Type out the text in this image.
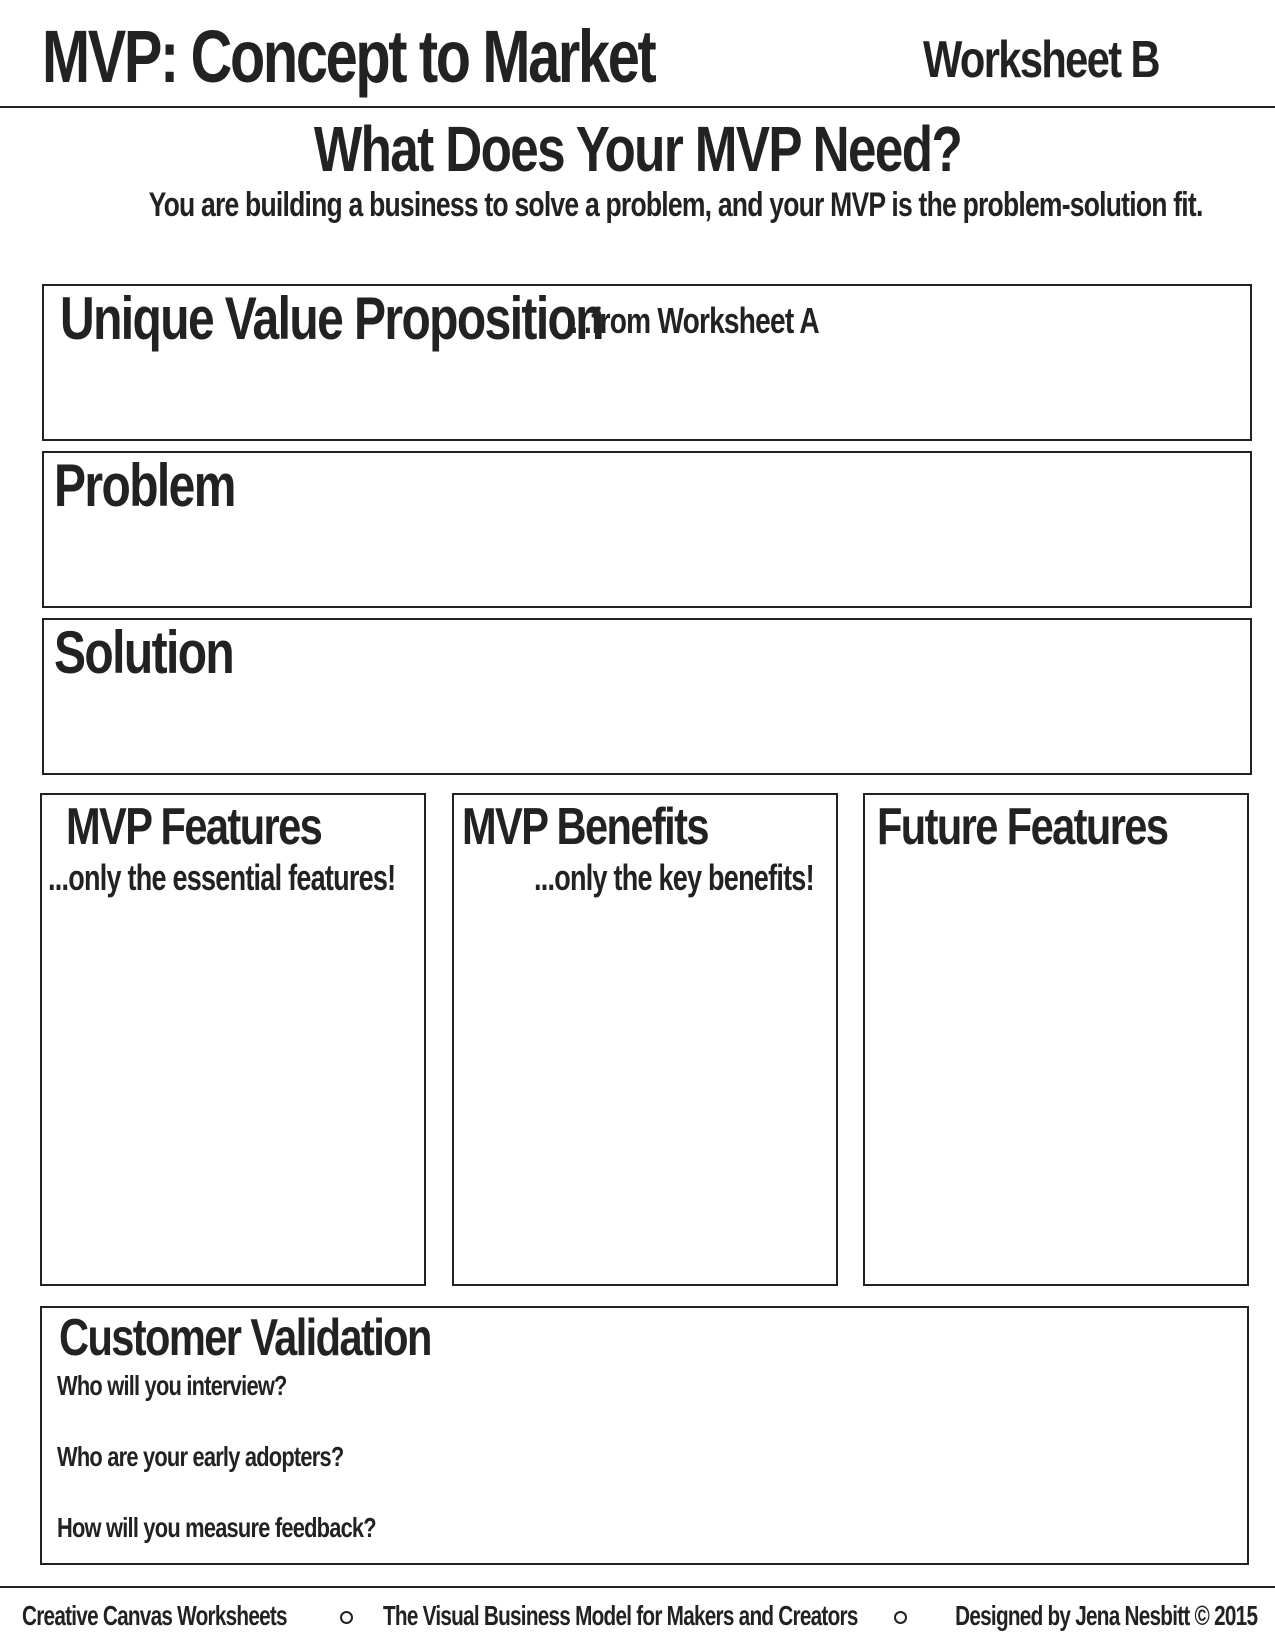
MVP: Concept to Market	Worksheet B
What Does Your MVP Need?
You are building a business to solve a problem, and your MVP is the problem-solution fit.
Unique Value Proposition
...from Worksheet A
Problem
Solution
MVP Features
...only the essential features!
MVP Benefits
...only the key benefits!
Future Features
Customer Validation
Who will you interview?
Who are your early adopters?
How will you measure feedback?
Creative Canvas Worksheets	The Visual Business Model for Makers and Creators	Designed by Jena Nesbitt © 2015
